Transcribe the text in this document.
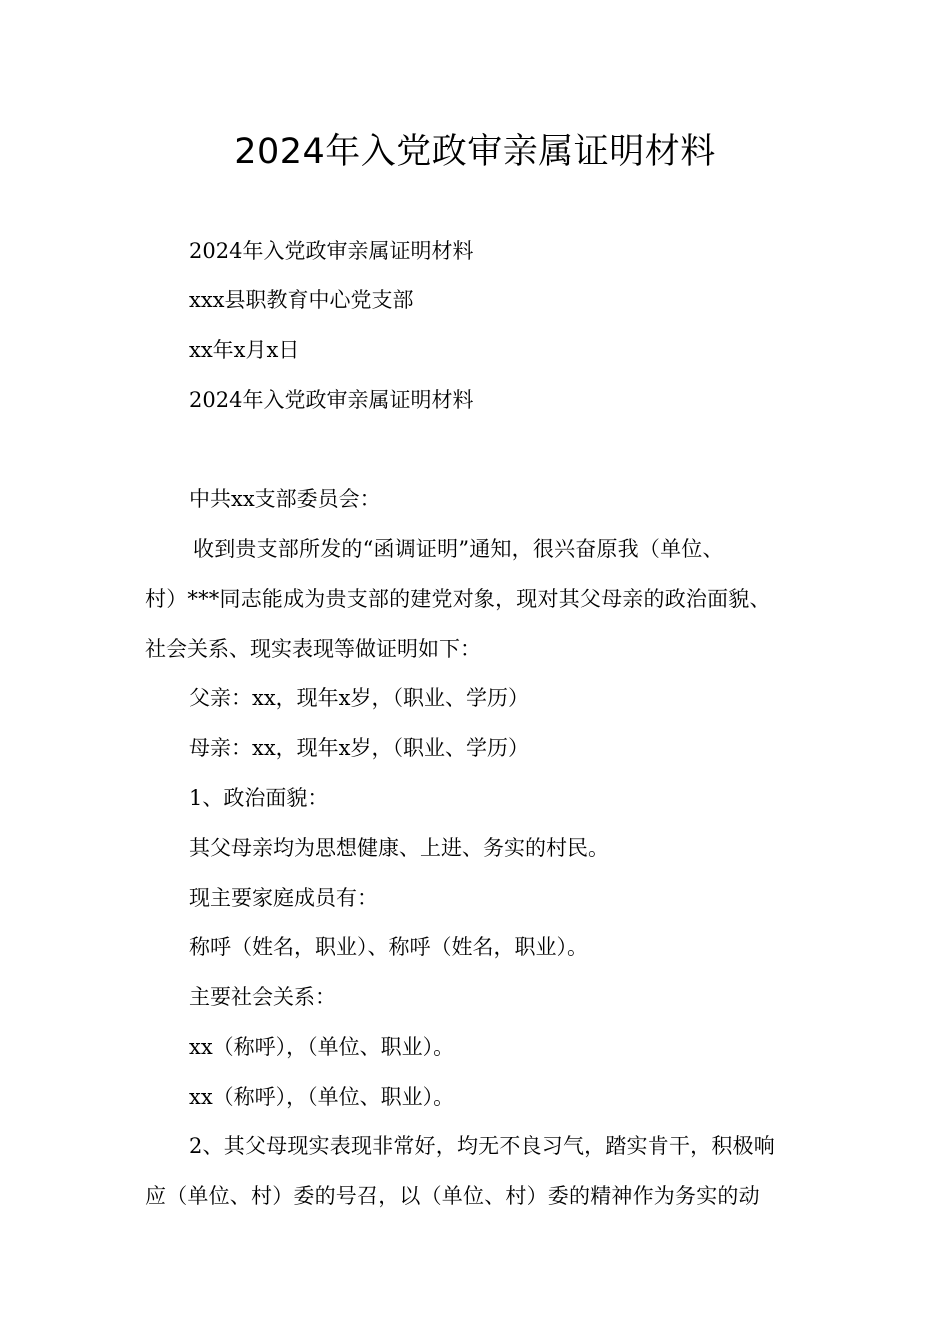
2024年入党政审亲属证明材料

2024年入党政审亲属证明材料

xxx县职教育中心党支部

xx年x月x日

2024年入党政审亲属证明材料

中共xx支部委员会：

收到贵支部所发的“函调证明”通知，很兴奋原我（单位、

村）***同志能成为贵支部的建党对象，现对其父母亲的政治面貌、

社会关系、现实表现等做证明如下：

父亲：xx，现年x岁，（职业、学历）

母亲：xx，现年x岁，（职业、学历）

1、政治面貌：

其父母亲均为思想健康、上进、务实的村民。

现主要家庭成员有：

称呼（姓名，职业）、称呼（姓名，职业）。

主要社会关系：

xx（称呼），（单位、职业）。

xx（称呼），（单位、职业）。

2、其父母现实表现非常好，均无不良习气，踏实肯干，积极响

应（单位、村）委的号召，以（单位、村）委的精神作为务实的动
